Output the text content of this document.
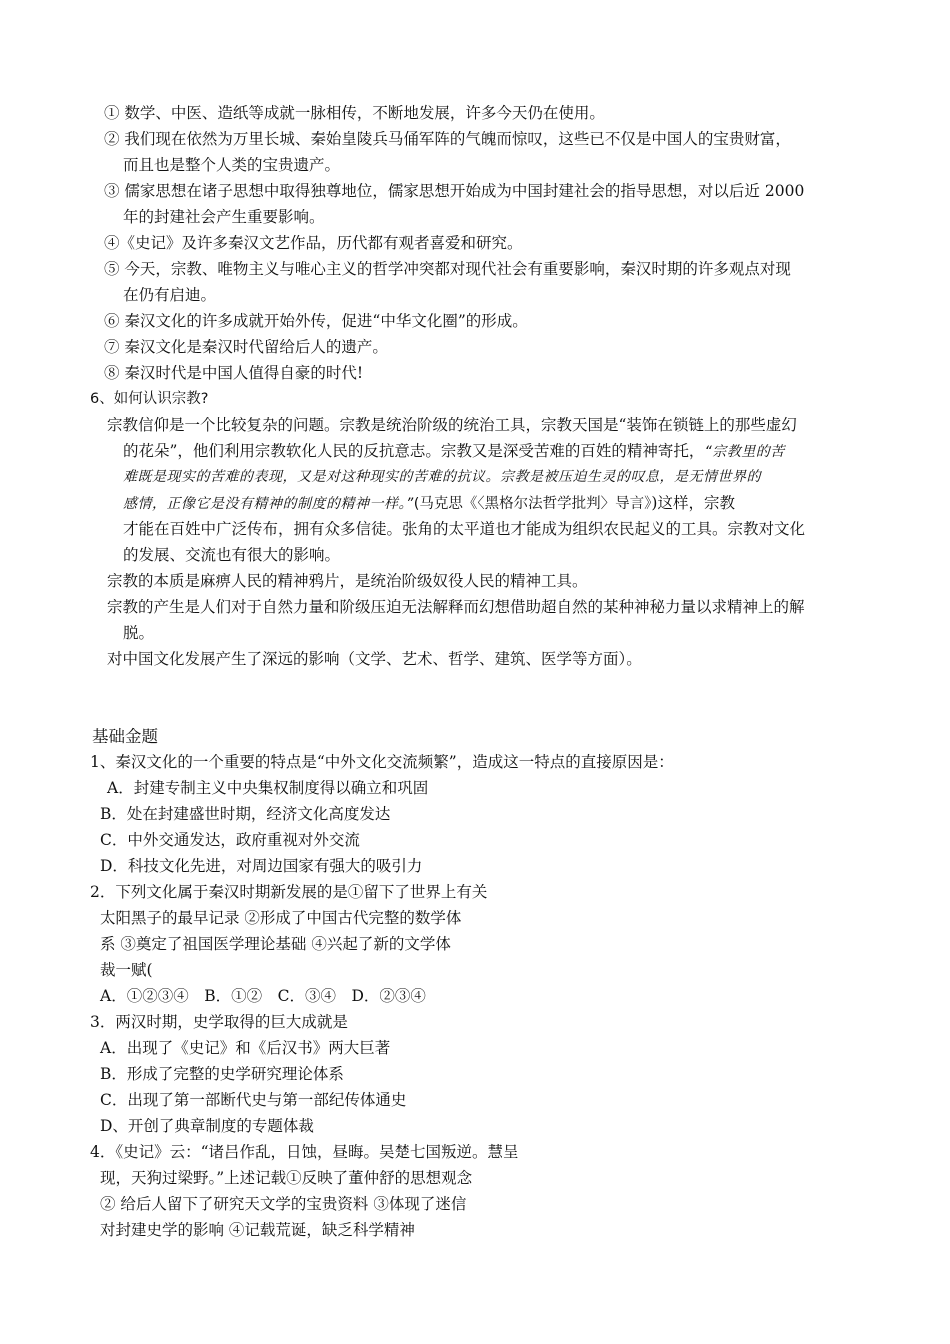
① 数学、中医、造纸等成就一脉相传，不断地发展，许多今天仍在使用。
② 我们现在依然为万里长城、秦始皇陵兵马俑军阵的气魄而惊叹，这些已不仅是中国人的宝贵财富，
而且也是整个人类的宝贵遗产。
③ 儒家思想在诸子思想中取得独尊地位，儒家思想开始成为中国封建社会的指导思想，对以后近 2000
年的封建社会产生重要影响。
④《史记》及许多秦汉文艺作品，历代都有观者喜爱和研究。
⑤ 今天，宗教、唯物主义与唯心主义的哲学冲突都对现代社会有重要影响，秦汉时期的许多观点对现
在仍有启迪。
⑥ 秦汉文化的许多成就开始外传，促进“中华文化圈”的形成。
⑦ 秦汉文化是秦汉时代留给后人的遗产。
⑧ 秦汉时代是中国人值得自豪的时代!
6、如何认识宗教?
宗教信仰是一个比较复杂的问题。宗教是统治阶级的统治工具，宗教天国是“装饰在锁链上的那些虚幻
的花朵”，他们利用宗教软化人民的反抗意志。宗教又是深受苦难的百姓的精神寄托，“宗教里的苦
难既是现实的苦难的表现，又是对这种现实的苦难的抗议。宗教是被压迫生灵的叹息，是无情世界的
感情，正像它是没有精神的制度的精神一样。”(马克思《〈黑格尔法哲学批判〉导言》)这样，宗教
才能在百姓中广泛传布，拥有众多信徒。张角的太平道也才能成为组织农民起义的工具。宗教对文化
的发展、交流也有很大的影响。
宗教的本质是麻痹人民的精神鸦片，是统治阶级奴役人民的精神工具。
宗教的产生是人们对于自然力量和阶级压迫无法解释而幻想借助超自然的某种神秘力量以求精神上的解
脱。
对中国文化发展产生了深远的影响（文学、艺术、哲学、建筑、医学等方面）。
基础金题
1、秦汉文化的一个重要的特点是“中外文化交流频繁”，造成这一特点的直接原因是：
A．封建专制主义中央集权制度得以确立和巩固
B．处在封建盛世时期，经济文化高度发达
C．中外交通发达，政府重视对外交流
D．科技文化先进，对周边国家有强大的吸引力
2．下列文化属于秦汉时期新发展的是①留下了世界上有关
太阳黑子的最早记录 ②形成了中国古代完整的数学体
系 ③奠定了祖国医学理论基础 ④兴起了新的文学体
裁一赋(
A．①②③④　B．①②　C．③④　D．②③④
3．两汉时期，史学取得的巨大成就是
A．出现了《史记》和《后汉书》两大巨著
B．形成了完整的史学研究理论体系
C．出现了第一部断代史与第一部纪传体通史
D、开创了典章制度的专题体裁
4．《史记》云：“诸吕作乱，日蚀，昼晦。吴楚七国叛逆。慧呈
现，天狗过梁野。”上述记载①反映了董仲舒的思想观念
② 给后人留下了研究天文学的宝贵资料 ③体现了迷信
对封建史学的影响 ④记载荒诞，缺乏科学精神
